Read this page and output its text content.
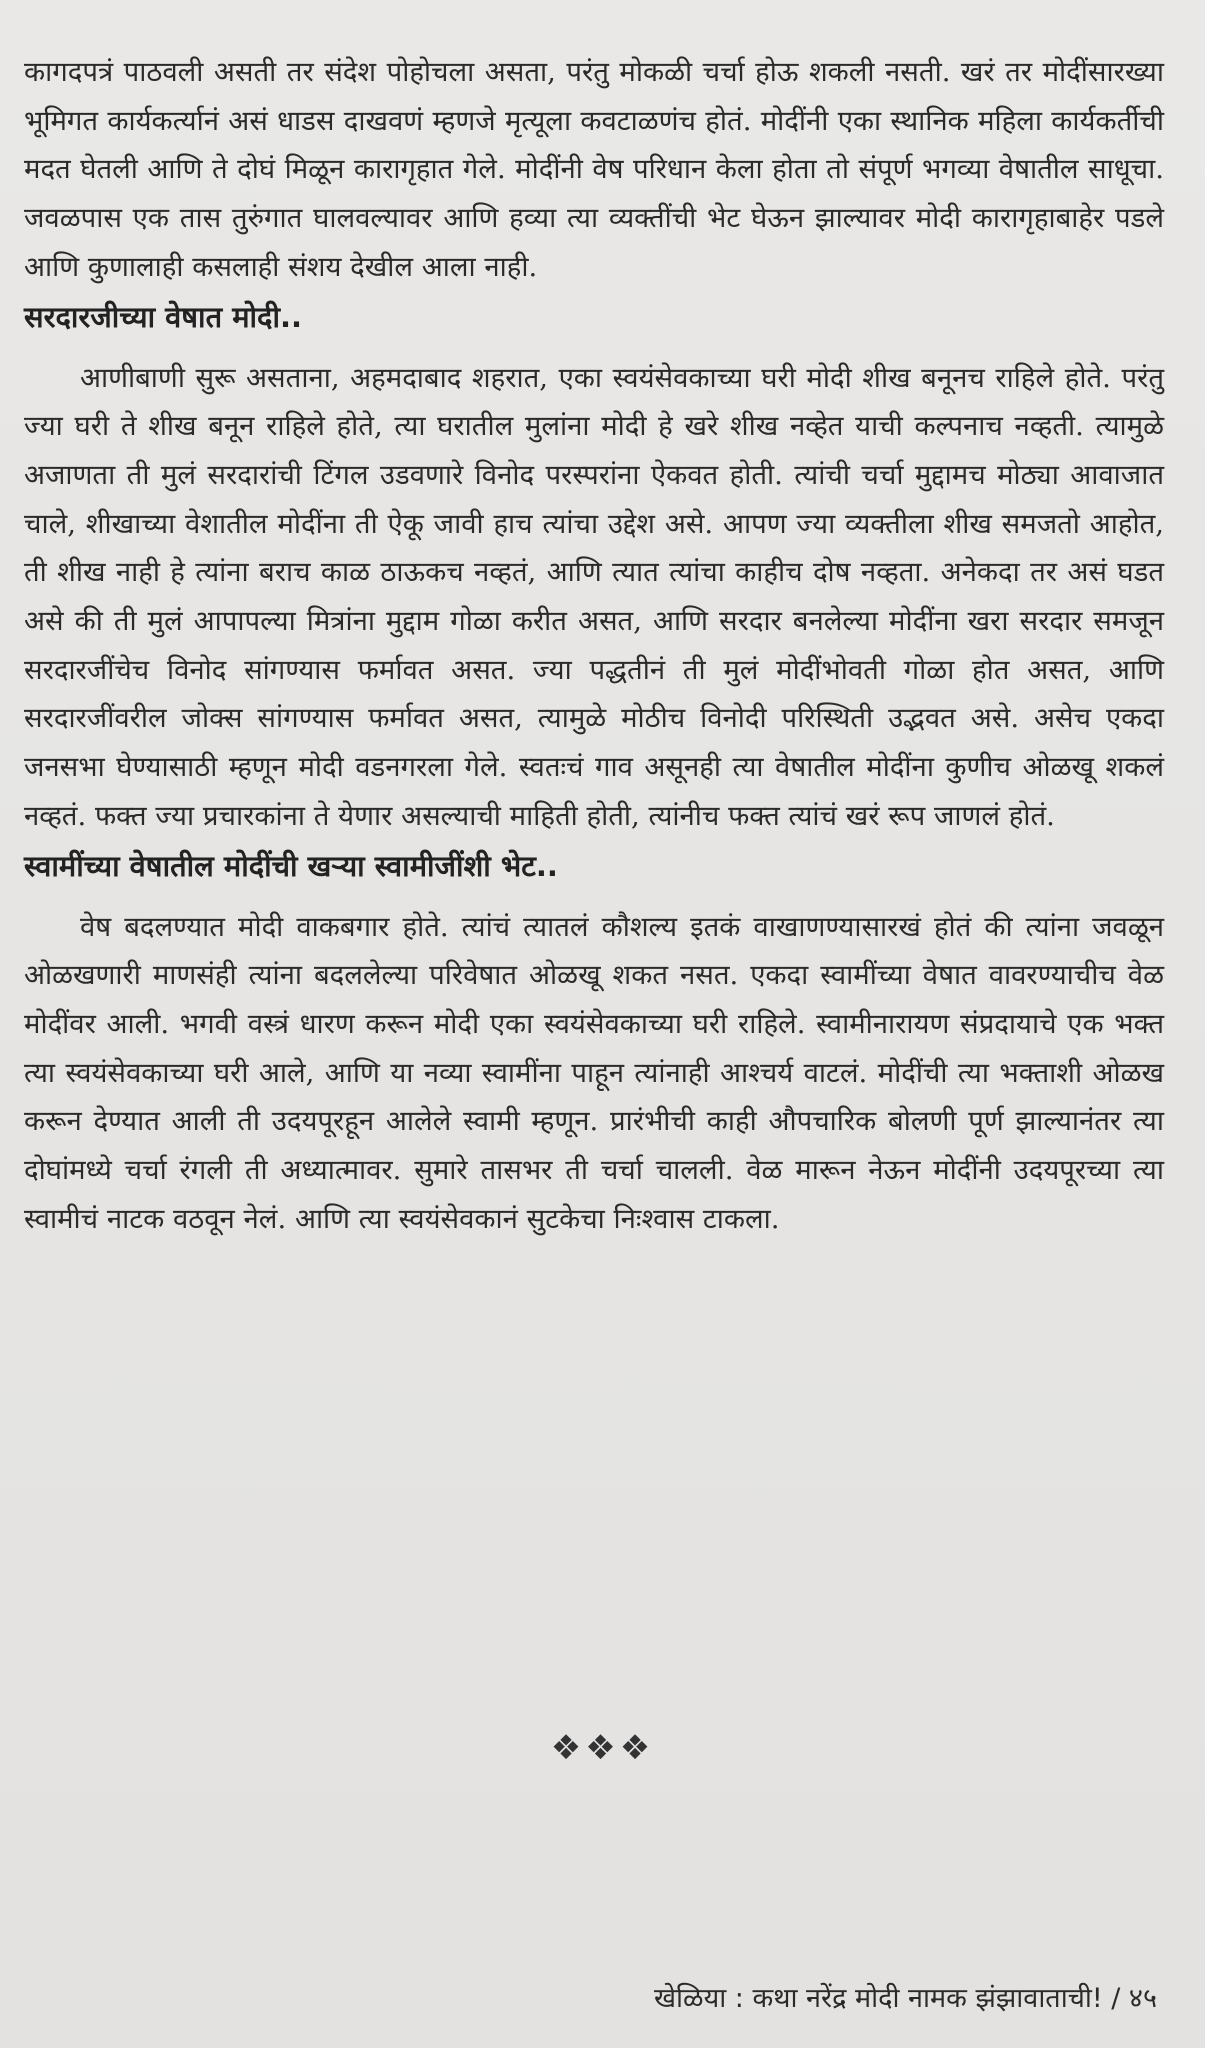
कागदपत्रं पाठवली असती तर संदेश पोहोचला असता, परंतु मोकळी चर्चा होऊ शकली नसती. खरं तर मोदींसारख्या भूमिगत कार्यकर्त्यानं असं धाडस दाखवणं म्हणजे मृत्यूला कवटाळणंच होतं. मोदींनी एका स्थानिक महिला कार्यकर्तीची मदत घेतली आणि ते दोघं मिळून कारागृहात गेले. मोदींनी वेष परिधान केला होता तो संपूर्ण भगव्या वेषातील साधूचा. जवळपास एक तास तुरुंगात घालवल्यावर आणि हव्या त्या व्यक्तींची भेट घेऊन झाल्यावर मोदी कारागृहाबाहेर पडले आणि कुणालाही कसलाही संशय देखील आला नाही.

सरदारजीच्या वेषात मोदी..

आणीबाणी सुरू असताना, अहमदाबाद शहरात, एका स्वयंसेवकाच्या घरी मोदी शीख बनूनच राहिले होते. परंतु ज्या घरी ते शीख बनून राहिले होते, त्या घरातील मुलांना मोदी हे खरे शीख नव्हेत याची कल्पनाच नव्हती. त्यामुळे अजाणता ती मुलं सरदारांची टिंगल उडवणारे विनोद परस्परांना ऐकवत होती. त्यांची चर्चा मुद्दामच मोठ्या आवाजात चाले, शीखाच्या वेशातील मोदींना ती ऐकू जावी हाच त्यांचा उद्देश असे. आपण ज्या व्यक्तीला शीख समजतो आहोत, ती शीख नाही हे त्यांना बराच काळ ठाऊकच नव्हतं, आणि त्यात त्यांचा काहीच दोष नव्हता. अनेकदा तर असं घडत असे की ती मुलं आपापल्या मित्रांना मुद्दाम गोळा करीत असत, आणि सरदार बनलेल्या मोदींना खरा सरदार समजून सरदारजींचेच विनोद सांगण्यास फर्मावत असत. ज्या पद्धतीनं ती मुलं मोदींभोवती गोळा होत असत, आणि सरदारजींवरील जोक्स सांगण्यास फर्मावत असत, त्यामुळे मोठीच विनोदी परिस्थिती उद्भवत असे. असेच एकदा जनसभा घेण्यासाठी म्हणून मोदी वडनगरला गेले. स्वतःचं गाव असूनही त्या वेषातील मोदींना कुणीच ओळखू शकलं नव्हतं. फक्त ज्या प्रचारकांना ते येणार असल्याची माहिती होती, त्यांनीच फक्त त्यांचं खरं रूप जाणलं होतं.

स्वामींच्या वेषातील मोदींची खऱ्या स्वामीजींशी भेट..

वेष बदलण्यात मोदी वाकबगार होते. त्यांचं त्यातलं कौशल्य इतकं वाखाणण्यासारखं होतं की त्यांना जवळून ओळखणारी माणसंही त्यांना बदललेल्या परिवेषात ओळखू शकत नसत. एकदा स्वामींच्या वेषात वावरण्याचीच वेळ मोदींवर आली. भगवी वस्त्रं धारण करून मोदी एका स्वयंसेवकाच्या घरी राहिले. स्वामीनारायण संप्रदायाचे एक भक्त त्या स्वयंसेवकाच्या घरी आले, आणि या नव्या स्वामींना पाहून त्यांनाही आश्चर्य वाटलं. मोदींची त्या भक्ताशी ओळख करून देण्यात आली ती उदयपूरहून आलेले स्वामी म्हणून. प्रारंभीची काही औपचारिक बोलणी पूर्ण झाल्यानंतर त्या दोघांमध्ये चर्चा रंगली ती अध्यात्मावर. सुमारे तासभर ती चर्चा चालली. वेळ मारून नेऊन मोदींनी उदयपूरच्या त्या स्वामीचं नाटक वठवून नेलं. आणि त्या स्वयंसेवकानं सुटकेचा निःश्वास टाकला.

❖❖❖
खेळिया : कथा नरेंद्र मोदी नामक झंझावाताची! / ४५
